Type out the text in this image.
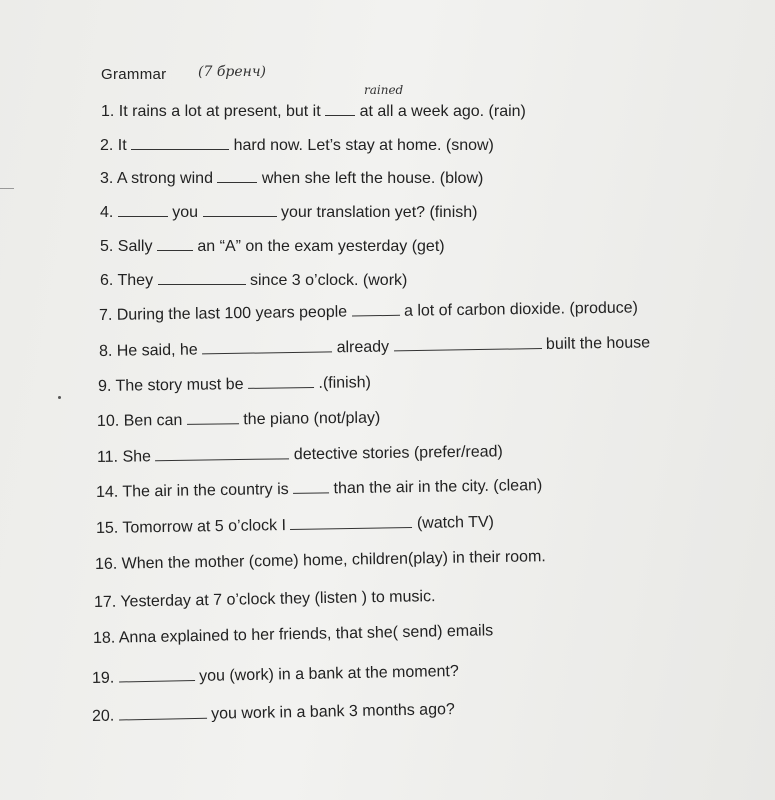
Grammar (7 бренч)
rained
1. It rains a lot at present, but it at all a week ago. (rain)
2. It	hard now. Let’s stay at home. (snow)
3. A strong wind	when she left the house. (blow)
4.	you	your translation yet? (finish)
5. Sally	an “A” on the exam yesterday (get)
6. They	since 3 o’clock. (work)
7. During the last 100 years people	a lot of carbon dioxide. (produce)
8. He said, he	already	built the house
9. The story must be	.(finish)
10. Ben can	the piano (not/play)
11. She	detective stories (prefer/read)
14. The air in the country is	than the air in the city. (clean)
15. Tomorrow at 5 o’clock I	(watch TV)
16. When the mother (come) home, children(play) in their room.
17. Yesterday at 7 o’clock they (listen ) to music.
18. Anna explained to her friends, that she( send) emails
19.	you (work) in a bank at the moment?
20.	you work in a bank 3 months ago?
